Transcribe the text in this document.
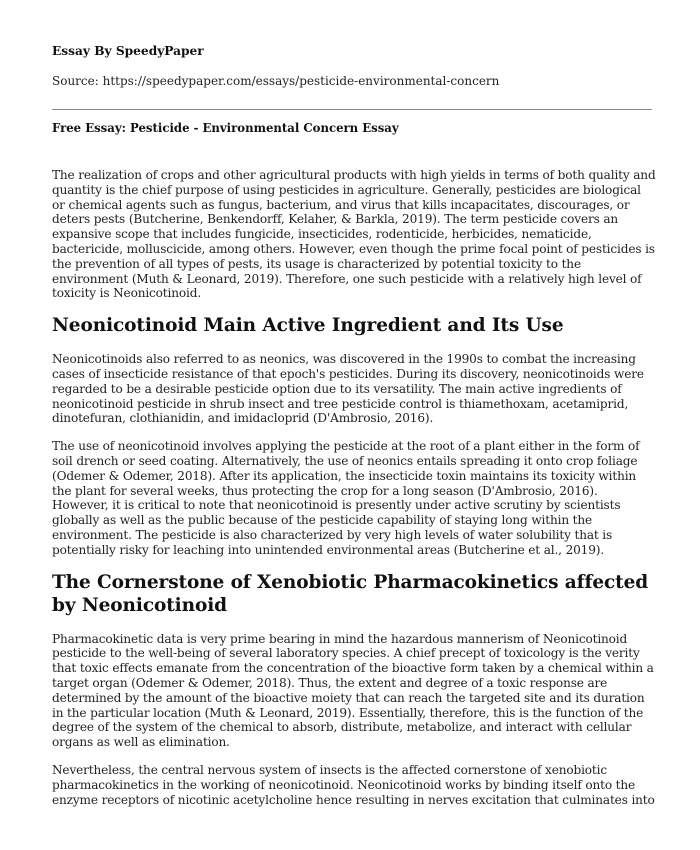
Essay By SpeedyPaper

Source: https://speedypaper.com/essays/pesticide-environmental-concern

Free Essay: Pesticide - Environmental Concern Essay

The realization of crops and other agricultural products with high yields in terms of both quality and quantity is the chief purpose of using pesticides in agriculture. Generally, pesticides are biological or chemical agents such as fungus, bacterium, and virus that kills incapacitates, discourages, or deters pests (Butcherine, Benkendorff, Kelaher, & Barkla, 2019). The term pesticide covers an expansive scope that includes fungicide, insecticides, rodenticide, herbicides, nematicide, bactericide, molluscicide, among others. However, even though the prime focal point of pesticides is the prevention of all types of pests, its usage is characterized by potential toxicity to the environment (Muth & Leonard, 2019). Therefore, one such pesticide with a relatively high level of toxicity is Neonicotinoid.

Neonicotinoid Main Active Ingredient and Its Use

Neonicotinoids also referred to as neonics, was discovered in the 1990s to combat the increasing cases of insecticide resistance of that epoch's pesticides. During its discovery, neonicotinoids were regarded to be a desirable pesticide option due to its versatility. The main active ingredients of neonicotinoid pesticide in shrub insect and tree pesticide control is thiamethoxam, acetamiprid, dinotefuran, clothianidin, and imidacloprid (D'Ambrosio, 2016).

The use of neonicotinoid involves applying the pesticide at the root of a plant either in the form of soil drench or seed coating. Alternatively, the use of neonics entails spreading it onto crop foliage (Odemer & Odemer, 2018). After its application, the insecticide toxin maintains its toxicity within the plant for several weeks, thus protecting the crop for a long season (D'Ambrosio, 2016). However, it is critical to note that neonicotinoid is presently under active scrutiny by scientists globally as well as the public because of the pesticide capability of staying long within the environment. The pesticide is also characterized by very high levels of water solubility that is potentially risky for leaching into unintended environmental areas (Butcherine et al., 2019).

The Cornerstone of Xenobiotic Pharmacokinetics affected by Neonicotinoid

Pharmacokinetic data is very prime bearing in mind the hazardous mannerism of Neonicotinoid pesticide to the well-being of several laboratory species. A chief precept of toxicology is the verity that toxic effects emanate from the concentration of the bioactive form taken by a chemical within a target organ (Odemer & Odemer, 2018). Thus, the extent and degree of a toxic response are determined by the amount of the bioactive moiety that can reach the targeted site and its duration in the particular location (Muth & Leonard, 2019). Essentially, therefore, this is the function of the degree of the system of the chemical to absorb, distribute, metabolize, and interact with cellular organs as well as elimination.

Nevertheless, the central nervous system of insects is the affected cornerstone of xenobiotic pharmacokinetics in the working of neonicotinoid. Neonicotinoid works by binding itself onto the enzyme receptors of nicotinic acetylcholine hence resulting in nerves excitation that culminates into
